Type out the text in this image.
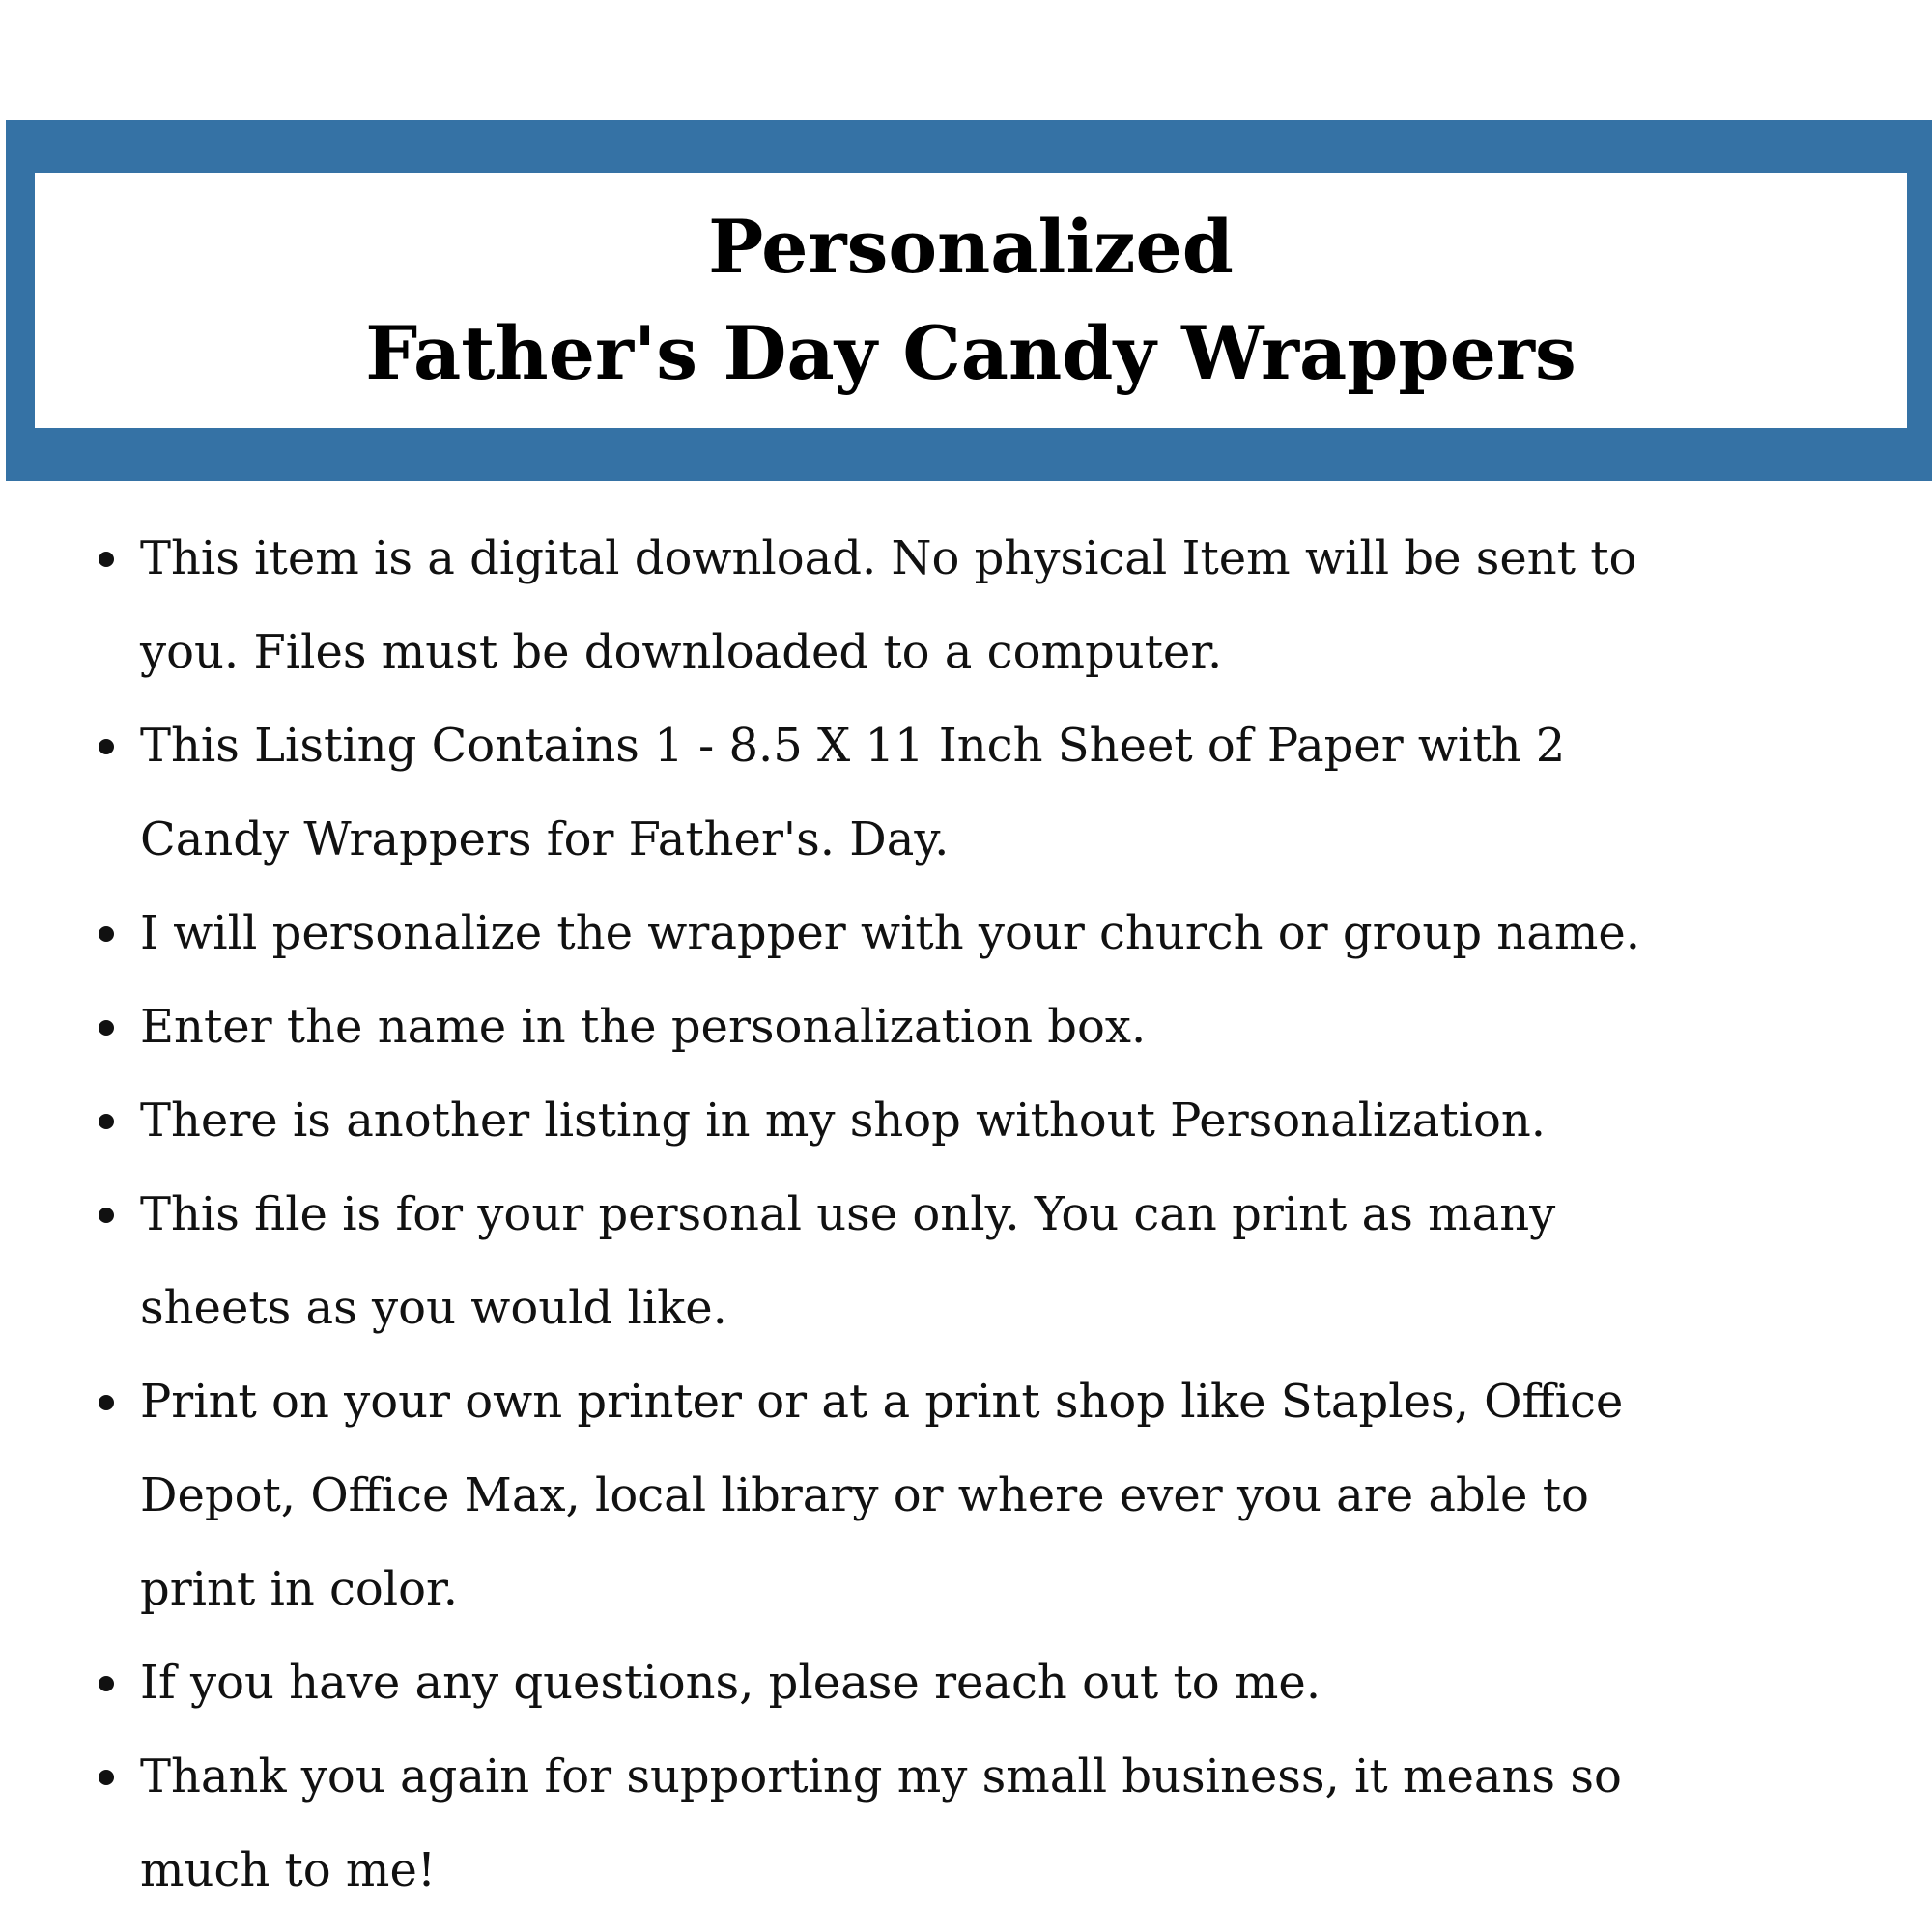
Personalized
Father's Day Candy Wrappers
This item is a digital download. No physical Item will be sent to
you. Files must be downloaded to a computer.
This Listing Contains 1 - 8.5 X 11 Inch Sheet of Paper with 2
Candy Wrappers for Father's. Day.
I will personalize the wrapper with your church or group name.
Enter the name in the personalization box.
There is another listing in my shop without Personalization.
This file is for your personal use only. You can print as many
sheets as you would like.
Print on your own printer or at a print shop like Staples, Office
Depot, Office Max, local library or where ever you are able to
print in color.
If you have any questions, please reach out to me.
Thank you again for supporting my small business, it means so
much to me!
